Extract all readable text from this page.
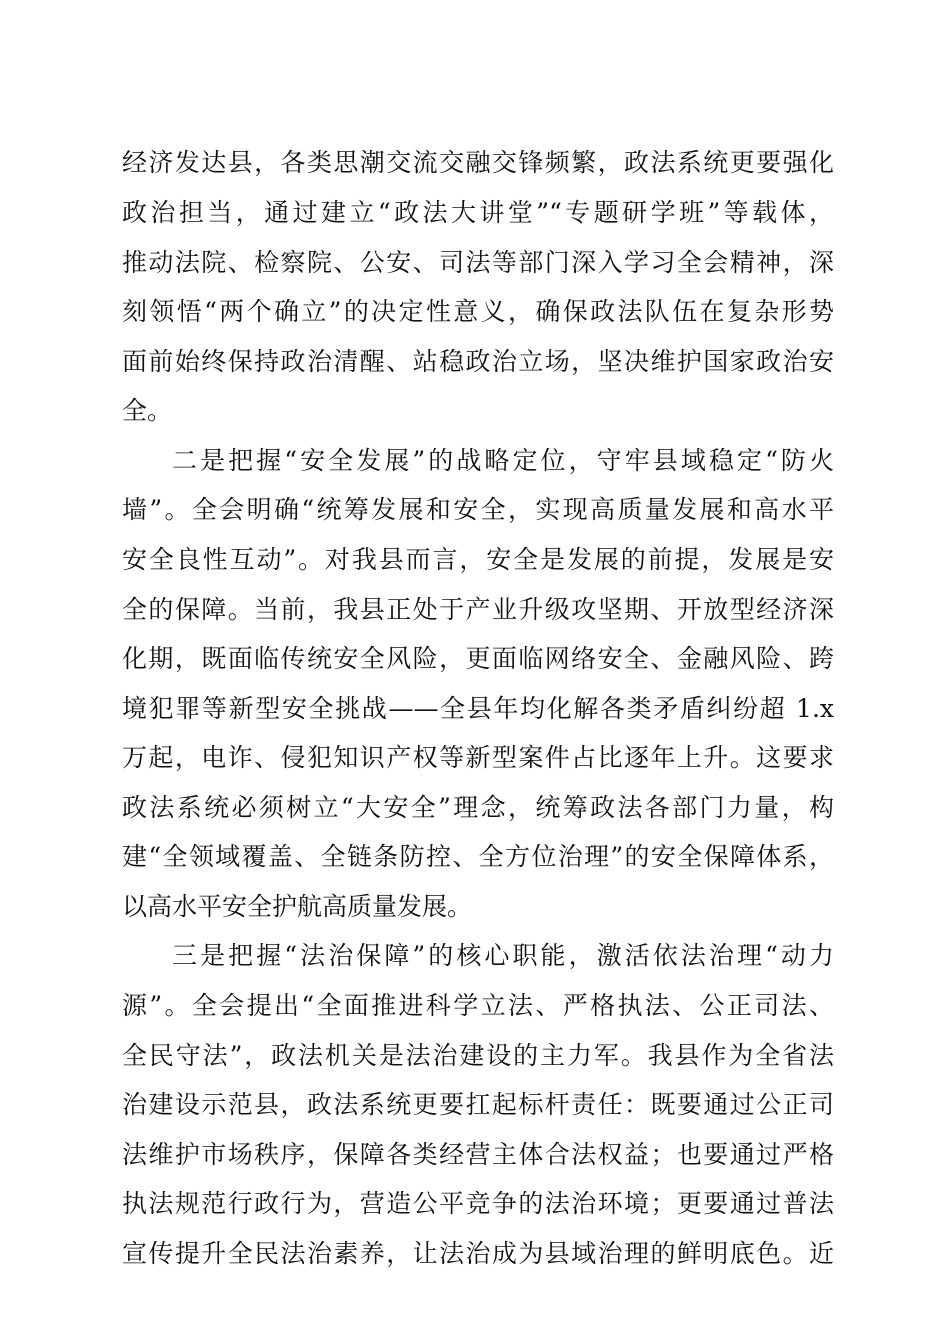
经济发达县，各类思潮交流交融交锋频繁，政法系统更要强化
政治担当，通过建立“政法大讲堂”“专题研学班”等载体，
推动法院、检察院、公安、司法等部门深入学习全会精神，深
刻领悟“两个确立”的决定性意义，确保政法队伍在复杂形势
面前始终保持政治清醒、站稳政治立场，坚决维护国家政治安
全。
二是把握“安全发展”的战略定位，守牢县域稳定“防火
墙”。全会明确“统筹发展和安全，实现高质量发展和高水平
安全良性互动”。对我县而言，安全是发展的前提，发展是安
全的保障。当前，我县正处于产业升级攻坚期、开放型经济深
化期，既面临传统安全风险，更面临网络安全、金融风险、跨
境犯罪等新型安全挑战——全县年均化解各类矛盾纠纷超 1.x
万起，电诈、侵犯知识产权等新型案件占比逐年上升。这要求
政法系统必须树立“大安全”理念，统筹政法各部门力量，构
建“全领域覆盖、全链条防控、全方位治理”的安全保障体系，
以高水平安全护航高质量发展。
三是把握“法治保障”的核心职能，激活依法治理“动力
源”。全会提出“全面推进科学立法、严格执法、公正司法、
全民守法”，政法机关是法治建设的主力军。我县作为全省法
治建设示范县，政法系统更要扛起标杆责任：既要通过公正司
法维护市场秩序，保障各类经营主体合法权益；也要通过严格
执法规范行政行为，营造公平竞争的法治环境；更要通过普法
宣传提升全民法治素养，让法治成为县域治理的鲜明底色。近
